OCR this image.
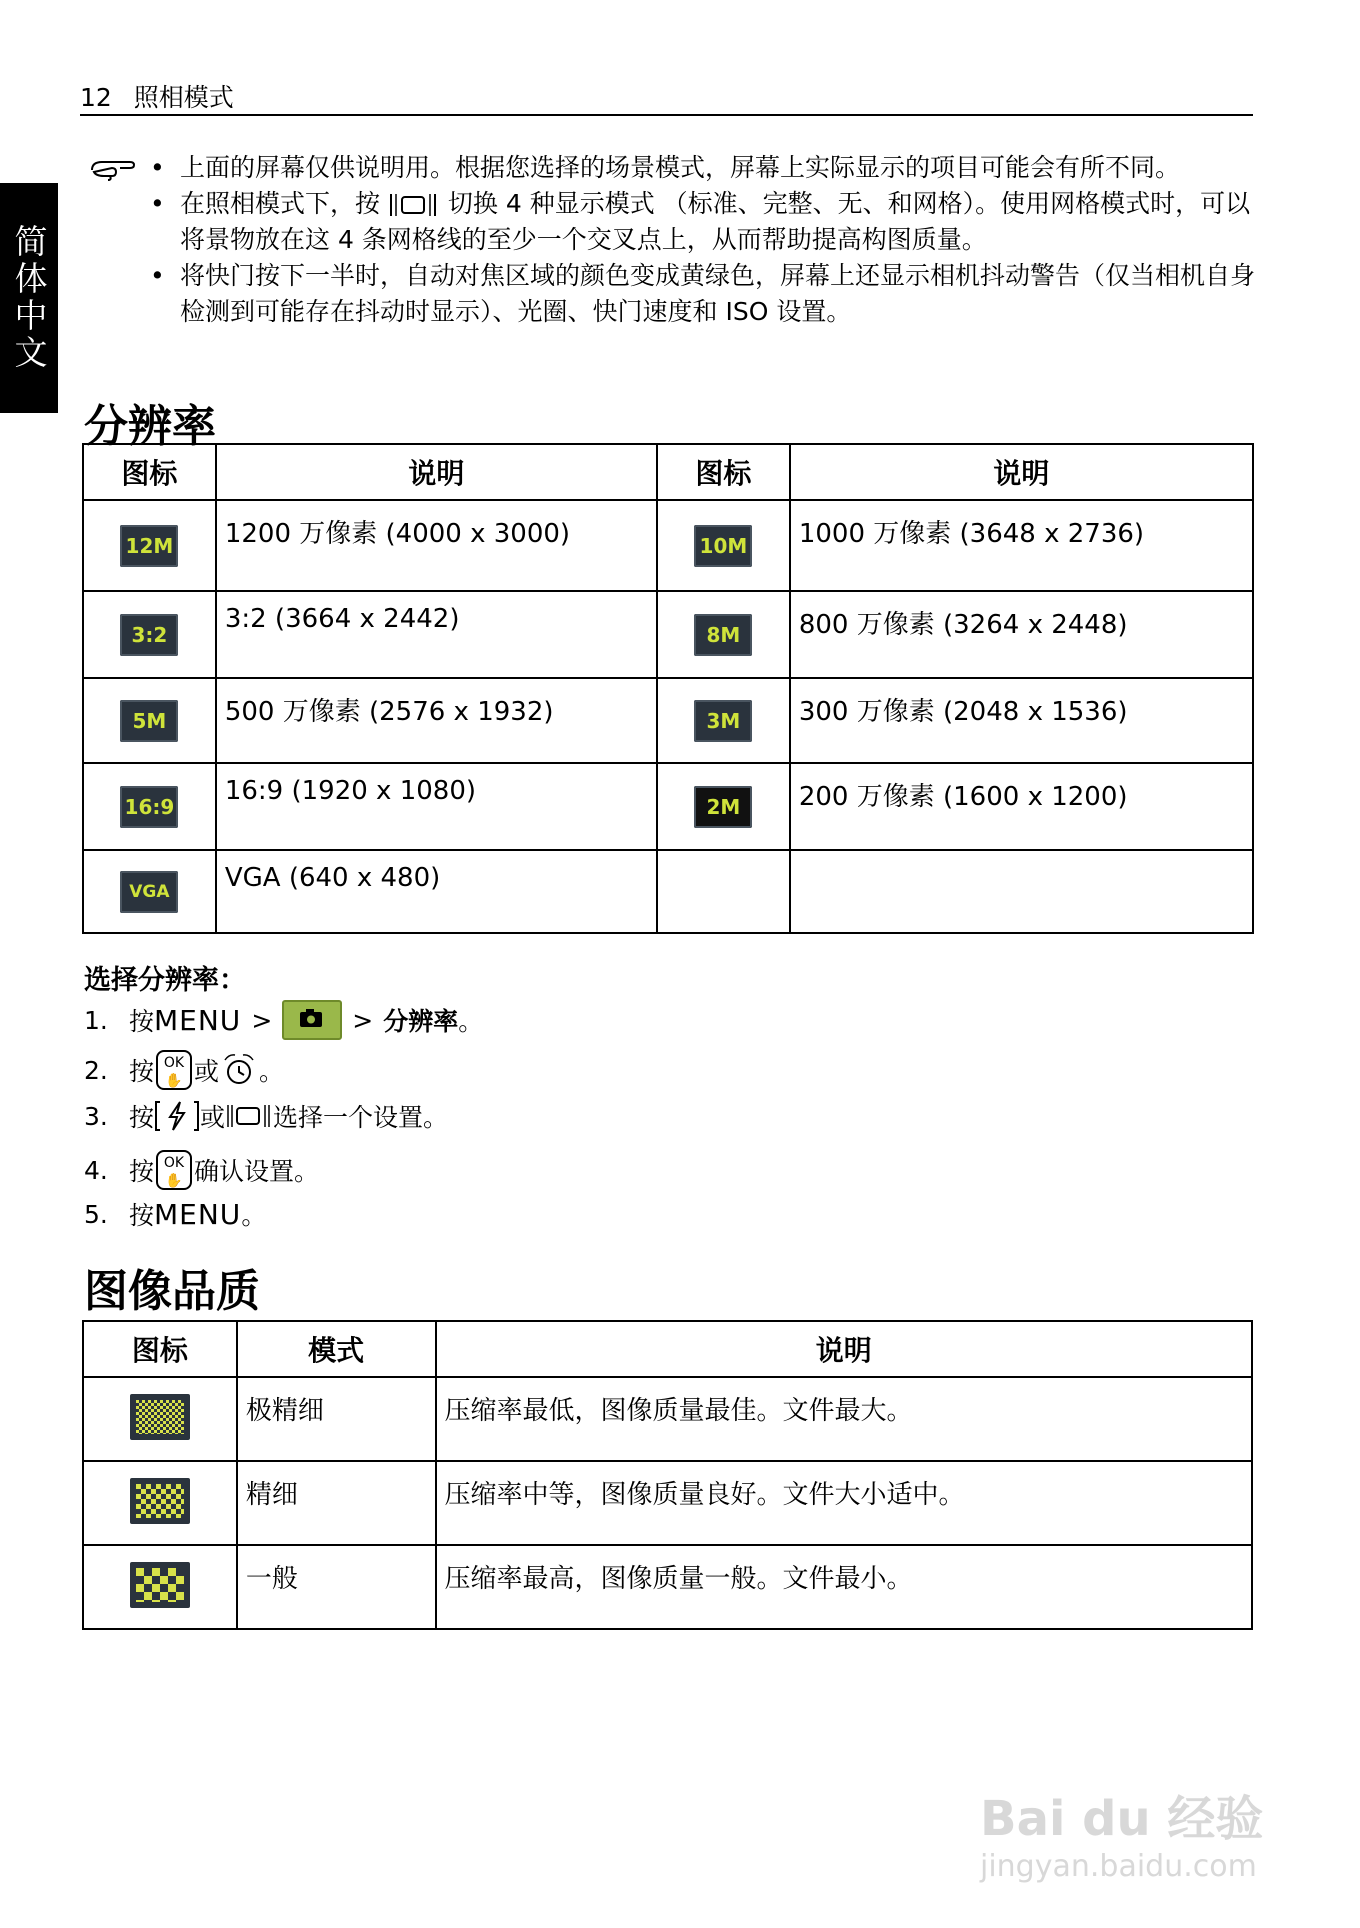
12 照相模式
简体中文
• 上面的屏幕仅供说明用。根据您选择的场景模式，屏幕上实际显示的项目可能会有所不同。
• 在照相模式下，按	切换 4 种显示模式 （标准、完整、无、和网格）。使用网格模式时，可以将景物放在这 4 条网格线的至少一个交叉点上，从而帮助提高构图质量。
• 将快门按下一半时，自动对焦区域的颜色变成黄绿色，屏幕上还显示相机抖动警告（仅当相机自身检测到可能存在抖动时显示）、光圈、快门速度和 ISO 设置。
分辨率
图标	说明	图标	说明
12M	1200 万像素 (4000 x 3000)	10M	1000 万像素 (3648 x 2736)
3:2	3:2 (3664 x 2442)	8M	800 万像素 (3264 x 2448)
5M	500 万像素 (2576 x 1932)	3M	300 万像素 (2048 x 1536)
16:9	16:9 (1920 x 1080)	2M	200 万像素 (1600 x 1200)
VGA	VGA (640 x 480)		
选择分辨率：
1. 按 MENU >	> 分辨率 。
2. 按 OK
✋ 或 。
3. 按 或 选择一个设置。
4. 按 OK
✋ 确认设置。
5. 按 MENU 。
图像品质
图标	模式	说明

	极精细	压缩率最低，图像质量最佳。文件最大。

	精细	压缩率中等，图像质量良好。文件大小适中。

	一般	压缩率最高，图像质量一般。文件最小。
Bai du 经验
jingyan.baidu.com
